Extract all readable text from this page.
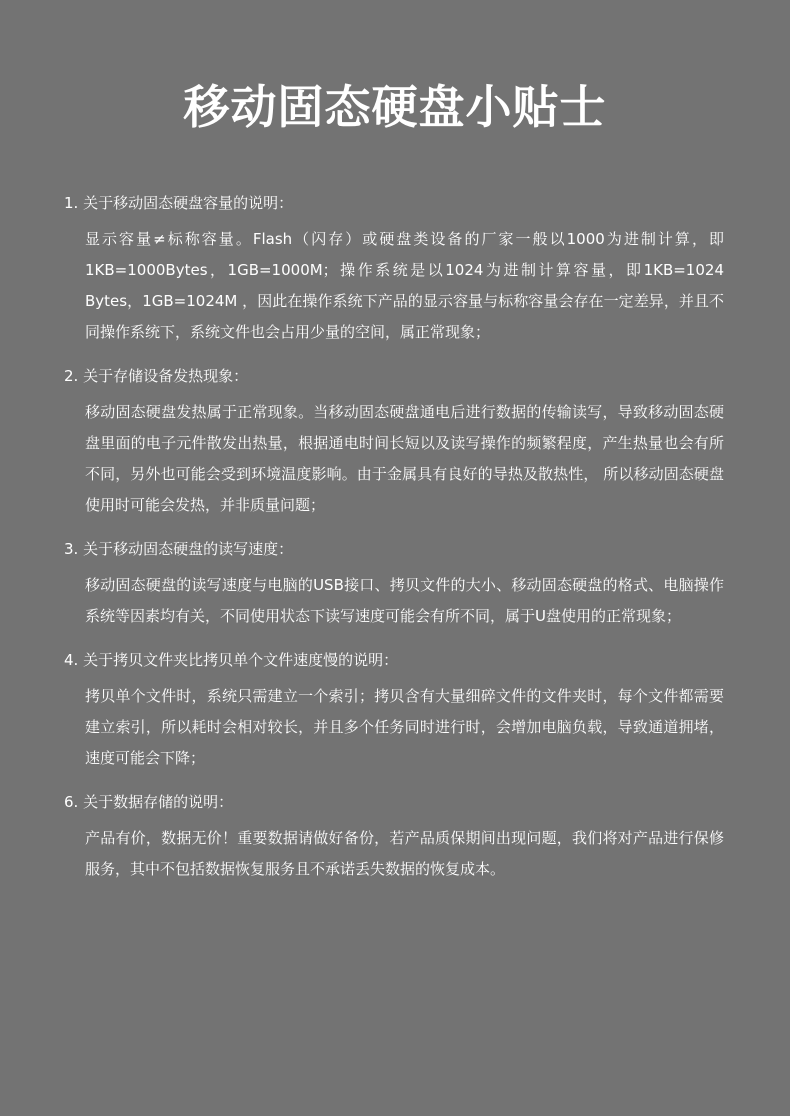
移动固态硬盘小贴士

1. 关于移动固态硬盘容量的说明：

显示容量≠标称容量。Flash（闪存）或硬盘类设备的厂家一般以1000为进制计算，即1KB=1000Bytes，1GB=1000M；操作系统是以1024为进制计算容量，即1KB=1024 Bytes，1GB=1024M ，因此在操作系统下产品的显示容量与标称容量会存在一定差异，并且不同操作系统下，系统文件也会占用少量的空间，属正常现象；

2. 关于存储设备发热现象：

移动固态硬盘发热属于正常现象。当移动固态硬盘通电后进行数据的传输读写，导致移动固态硬盘里面的电子元件散发出热量，根据通电时间长短以及读写操作的频繁程度，产生热量也会有所不同，另外也可能会受到环境温度影响。由于金属具有良好的导热及散热性， 所以移动固态硬盘使用时可能会发热，并非质量问题；

3. 关于移动固态硬盘的读写速度：

移动固态硬盘的读写速度与电脑的USB接口、拷贝文件的大小、移动固态硬盘的格式、电脑操作系统等因素均有关，不同使用状态下读写速度可能会有所不同，属于U盘使用的正常现象；

4. 关于拷贝文件夹比拷贝单个文件速度慢的说明：

拷贝单个文件时，系统只需建立一个索引；拷贝含有大量细碎文件的文件夹时，每个文件都需要建立索引，所以耗时会相对较长，并且多个任务同时进行时，会增加电脑负载，导致通道拥堵，速度可能会下降；

6. 关于数据存储的说明：

产品有价，数据无价！重要数据请做好备份，若产品质保期间出现问题，我们将对产品进行保修服务，其中不包括数据恢复服务且不承诺丢失数据的恢复成本。
